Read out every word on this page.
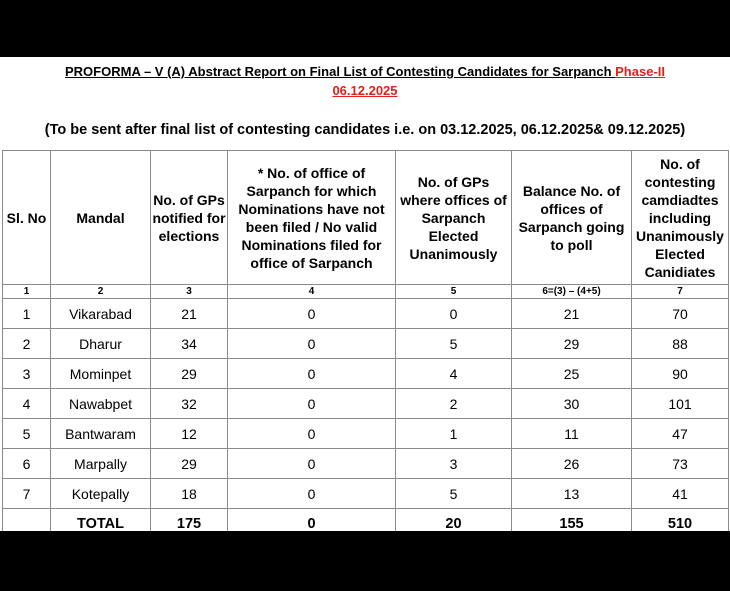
PROFORMA – V (A) Abstract Report on Final List of Contesting Candidates for Sarpanch Phase-II
06.12.2025
(To be sent after final list of contesting candidates i.e. on 03.12.2025, 06.12.2025& 09.12.2025)
Sl. No	Mandal	No. of GPs notified for elections	* No. of office of Sarpanch for which Nominations have not been filed / No valid Nominations filed for office of Sarpanch	No. of GPs where offices of Sarpanch Elected Unanimously	Balance No. of offices of Sarpanch going to poll	No. of contesting camdiadtes including Unanimously Elected Canidiates
1	2	3	4	5	6=(3) – (4+5)	7
1	Vikarabad	21	0	0	21	70
2	Dharur	34	0	5	29	88
3	Mominpet	29	0	4	25	90
4	Nawabpet	32	0	2	30	101
5	Bantwaram	12	0	1	11	47
6	Marpally	29	0	3	26	73
7	Kotepally	18	0	5	13	41
	TOTAL	175	0	20	155	510
